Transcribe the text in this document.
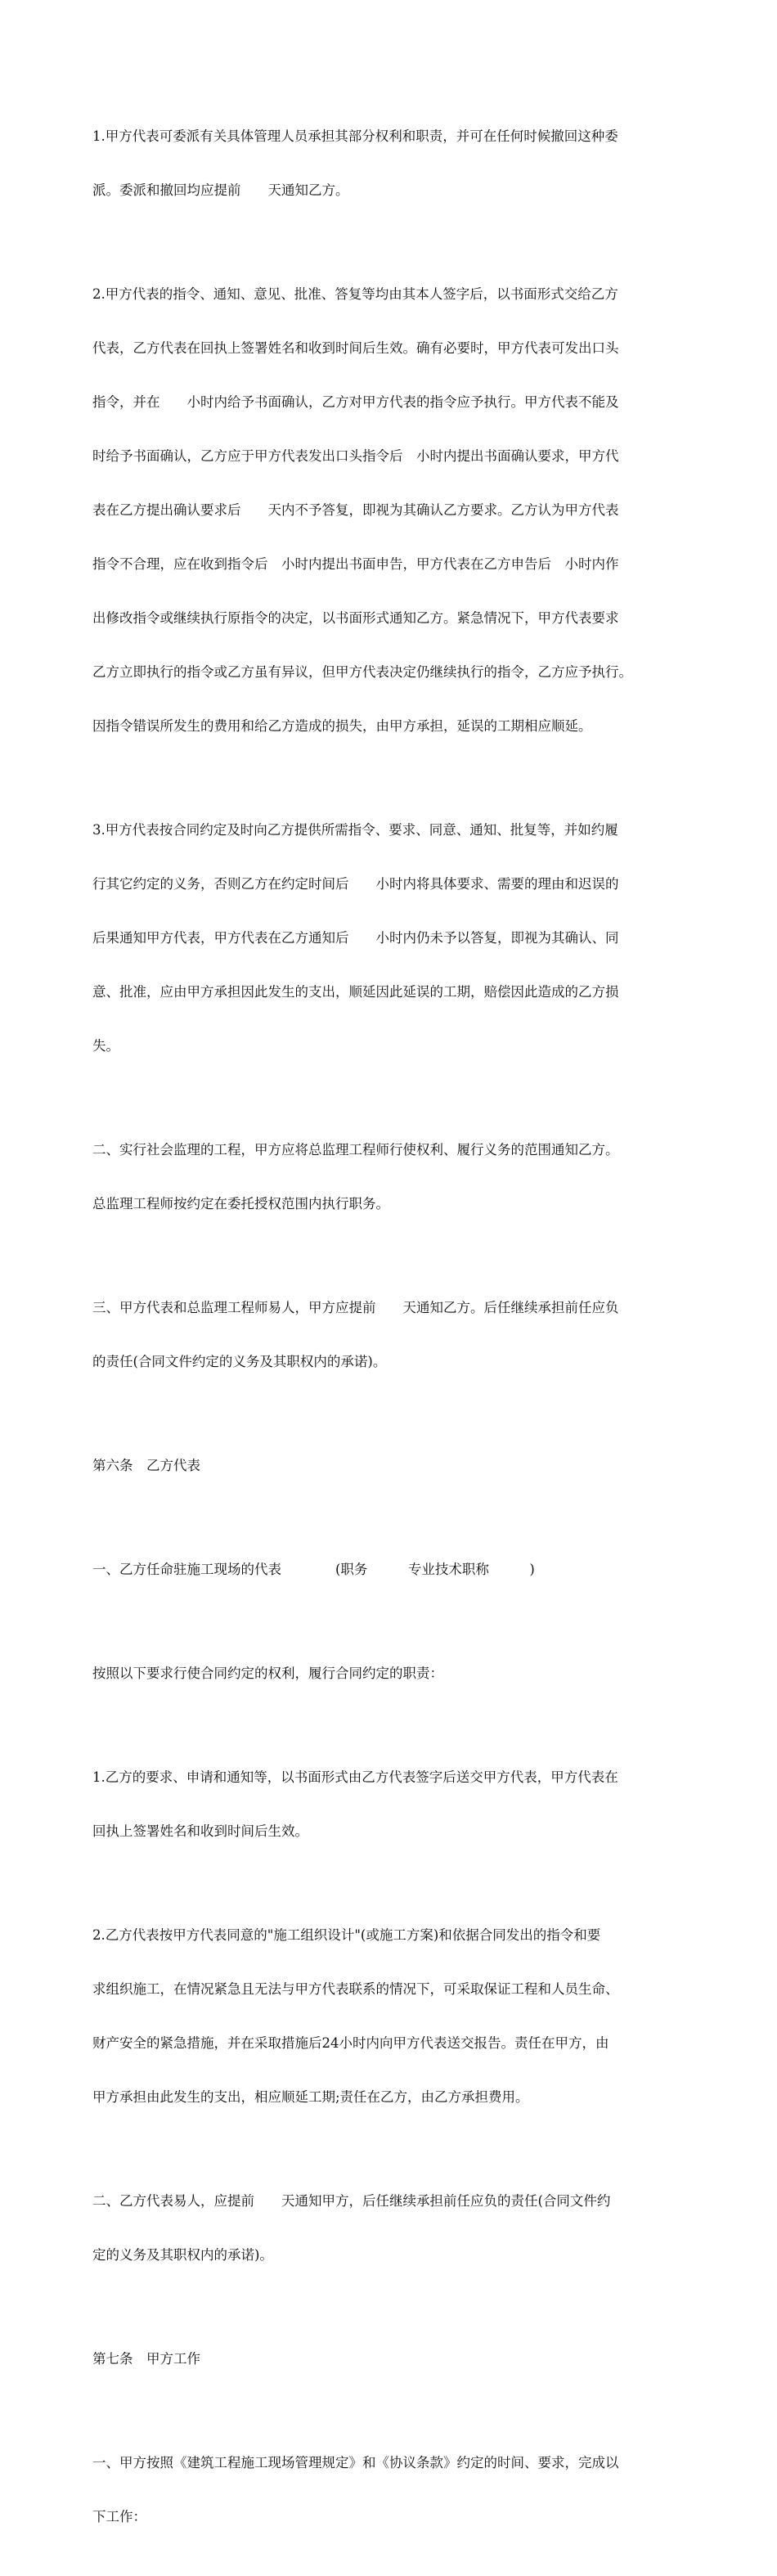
1.甲方代表可委派有关具体管理人员承担其部分权利和职责，并可在任何时候撤回这种委

派。委派和撤回均应提前　　天通知乙方。

2.甲方代表的指令、通知、意见、批准、答复等均由其本人签字后，以书面形式交给乙方

代表，乙方代表在回执上签署姓名和收到时间后生效。确有必要时，甲方代表可发出口头

指令，并在　　小时内给予书面确认，乙方对甲方代表的指令应予执行。甲方代表不能及

时给予书面确认，乙方应于甲方代表发出口头指令后　小时内提出书面确认要求，甲方代

表在乙方提出确认要求后　　天内不予答复，即视为其确认乙方要求。乙方认为甲方代表

指令不合理，应在收到指令后　小时内提出书面申告，甲方代表在乙方申告后　小时内作

出修改指令或继续执行原指令的决定，以书面形式通知乙方。紧急情况下，甲方代表要求

乙方立即执行的指令或乙方虽有异议，但甲方代表决定仍继续执行的指令，乙方应予执行。

因指令错误所发生的费用和给乙方造成的损失，由甲方承担，延误的工期相应顺延。

3.甲方代表按合同约定及时向乙方提供所需指令、要求、同意、通知、批复等，并如约履

行其它约定的义务，否则乙方在约定时间后　　小时内将具体要求、需要的理由和迟误的

后果通知甲方代表，甲方代表在乙方通知后　　小时内仍未予以答复，即视为其确认、同

意、批准，应由甲方承担因此发生的支出，顺延因此延误的工期，赔偿因此造成的乙方损

失。

二、实行社会监理的工程，甲方应将总监理工程师行使权利、履行义务的范围通知乙方。

总监理工程师按约定在委托授权范围内执行职务。

三、甲方代表和总监理工程师易人，甲方应提前　　天通知乙方。后任继续承担前任应负

的责任(合同文件约定的义务及其职权内的承诺)。

第六条　乙方代表

一、乙方任命驻施工现场的代表　　　　(职务　　　专业技术职称　　　)

按照以下要求行使合同约定的权利，履行合同约定的职责：

1.乙方的要求、申请和通知等，以书面形式由乙方代表签字后送交甲方代表，甲方代表在

回执上签署姓名和收到时间后生效。

2.乙方代表按甲方代表同意的"施工组织设计"(或施工方案)和依据合同发出的指令和要

求组织施工，在情况紧急且无法与甲方代表联系的情况下，可采取保证工程和人员生命、

财产安全的紧急措施，并在采取措施后24小时内向甲方代表送交报告。责任在甲方，由

甲方承担由此发生的支出，相应顺延工期;责任在乙方，由乙方承担费用。

二、乙方代表易人，应提前　　天通知甲方，后任继续承担前任应负的责任(合同文件约

定的义务及其职权内的承诺)。

第七条　甲方工作

一、甲方按照《建筑工程施工现场管理规定》和《协议条款》约定的时间、要求，完成以

下工作：
